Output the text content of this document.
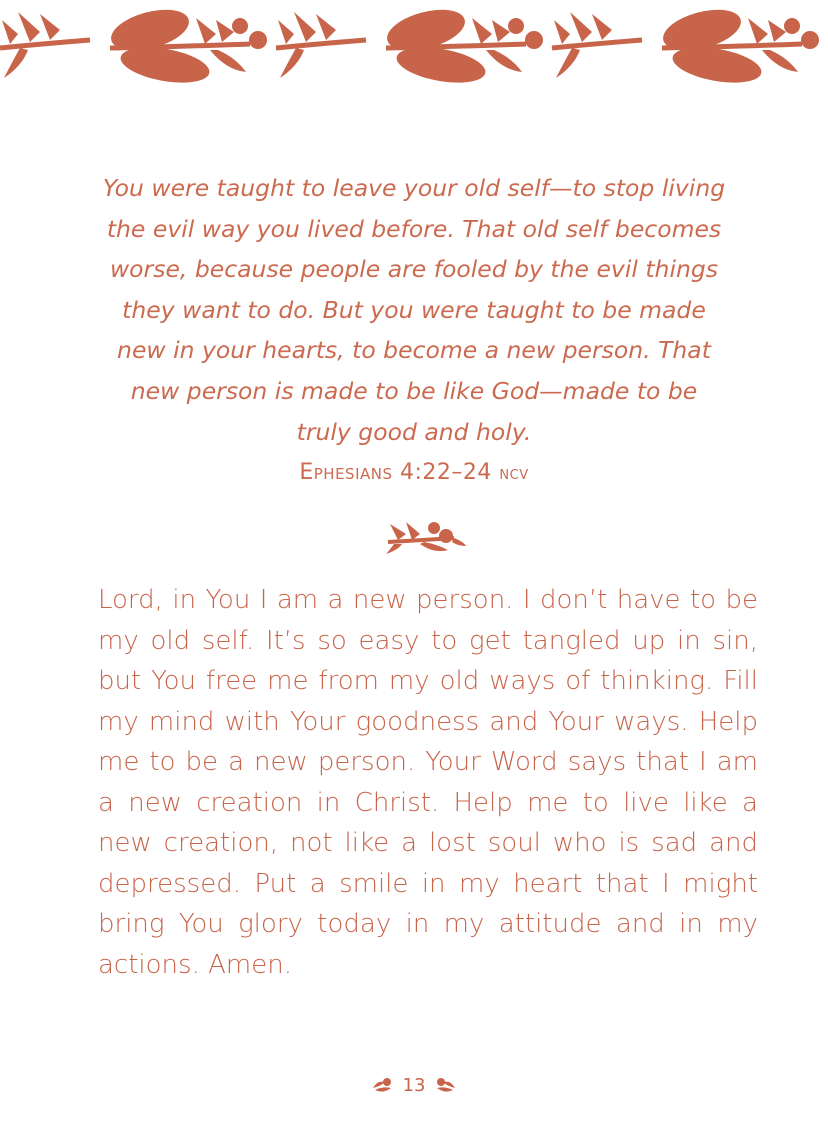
You were taught to leave your old self—to stop living the evil way you lived before. That old self becomes worse, because people are fooled by the evil things they want to do. But you were taught to be made new in your hearts, to become a new person. That new person is made to be like God—made to be truly good and holy.
Ephesians 4:22–24 ncv
Lord, in You I am a new person. I don’t have to be my old self. It’s so easy to get tangled up in sin, but You free me from my old ways of thinking. Fill my mind with Your goodness and Your ways. Help me to be a new person. Your Word says that I am a new creation in Christ. Help me to live like a new creation, not like a lost soul who is sad and depressed. Put a smile in my heart that I might bring You glory today in my attitude and in my actions. Amen.
13
